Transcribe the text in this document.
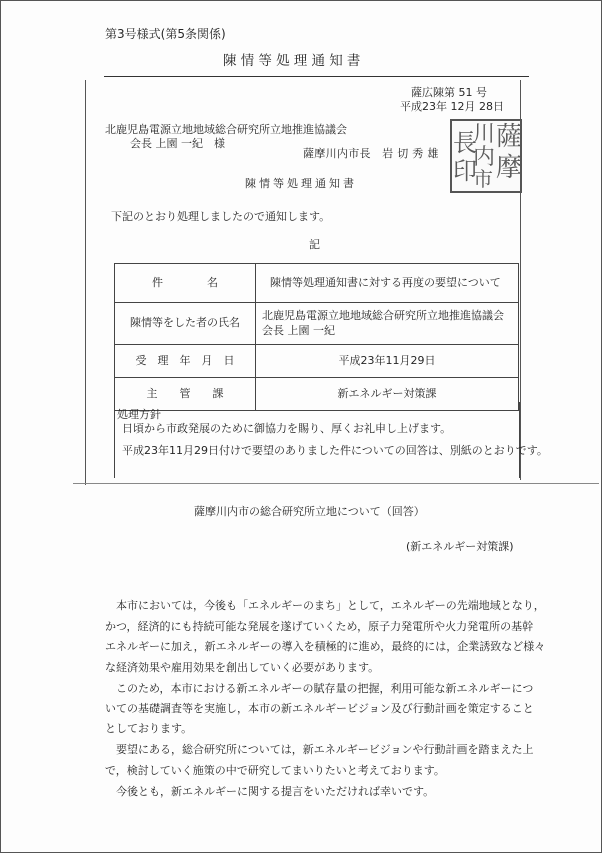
第3号様式(第5条関係)
陳情等処理通知書
薩広陳第 51 号
平成23年 12月 28日
北鹿児島電源立地地域総合研究所立地推進協議会
会長 上園 一紀　様
薩摩川内市長　岩 切 秀 雄
薩
摩
川
内
市
長
印
陳情等処理通知書
下記のとおり処理しましたので通知します。
記
件　　　　名	陳情等処理通知書に対する再度の要望について
陳情等をした者の氏名	北鹿児島電源立地地域総合研究所立地推進協議会
会長 上園 一紀

受　理　年　月　日	平成23年11月29日
主　　管　　課	新エネルギー対策課
処理方針
日頃から市政発展のために御協力を賜り、厚くお礼申し上げます。
平成23年11月29日付けで要望のありました件についての回答は、別紙のとおりです。
薩摩川内市の総合研究所立地について（回答）
(新エネルギー対策課)
本市においては，今後も「エネルギーのまち」として，エネルギーの先端地域となり，
かつ，経済的にも持続可能な発展を遂げていくため，原子力発電所や火力発電所の基幹
エネルギーに加え，新エネルギーの導入を積極的に進め，最終的には，企業誘致など様々
な経済効果や雇用効果を創出していく必要があります。
このため，本市における新エネルギーの賦存量の把握，利用可能な新エネルギーにつ
いての基礎調査等を実施し，本市の新エネルギービジョン及び行動計画を策定すること
としております。
要望にある，総合研究所については，新エネルギービジョンや行動計画を踏まえた上
で，検討していく施策の中で研究してまいりたいと考えております。
今後とも，新エネルギーに関する提言をいただければ幸いです。
